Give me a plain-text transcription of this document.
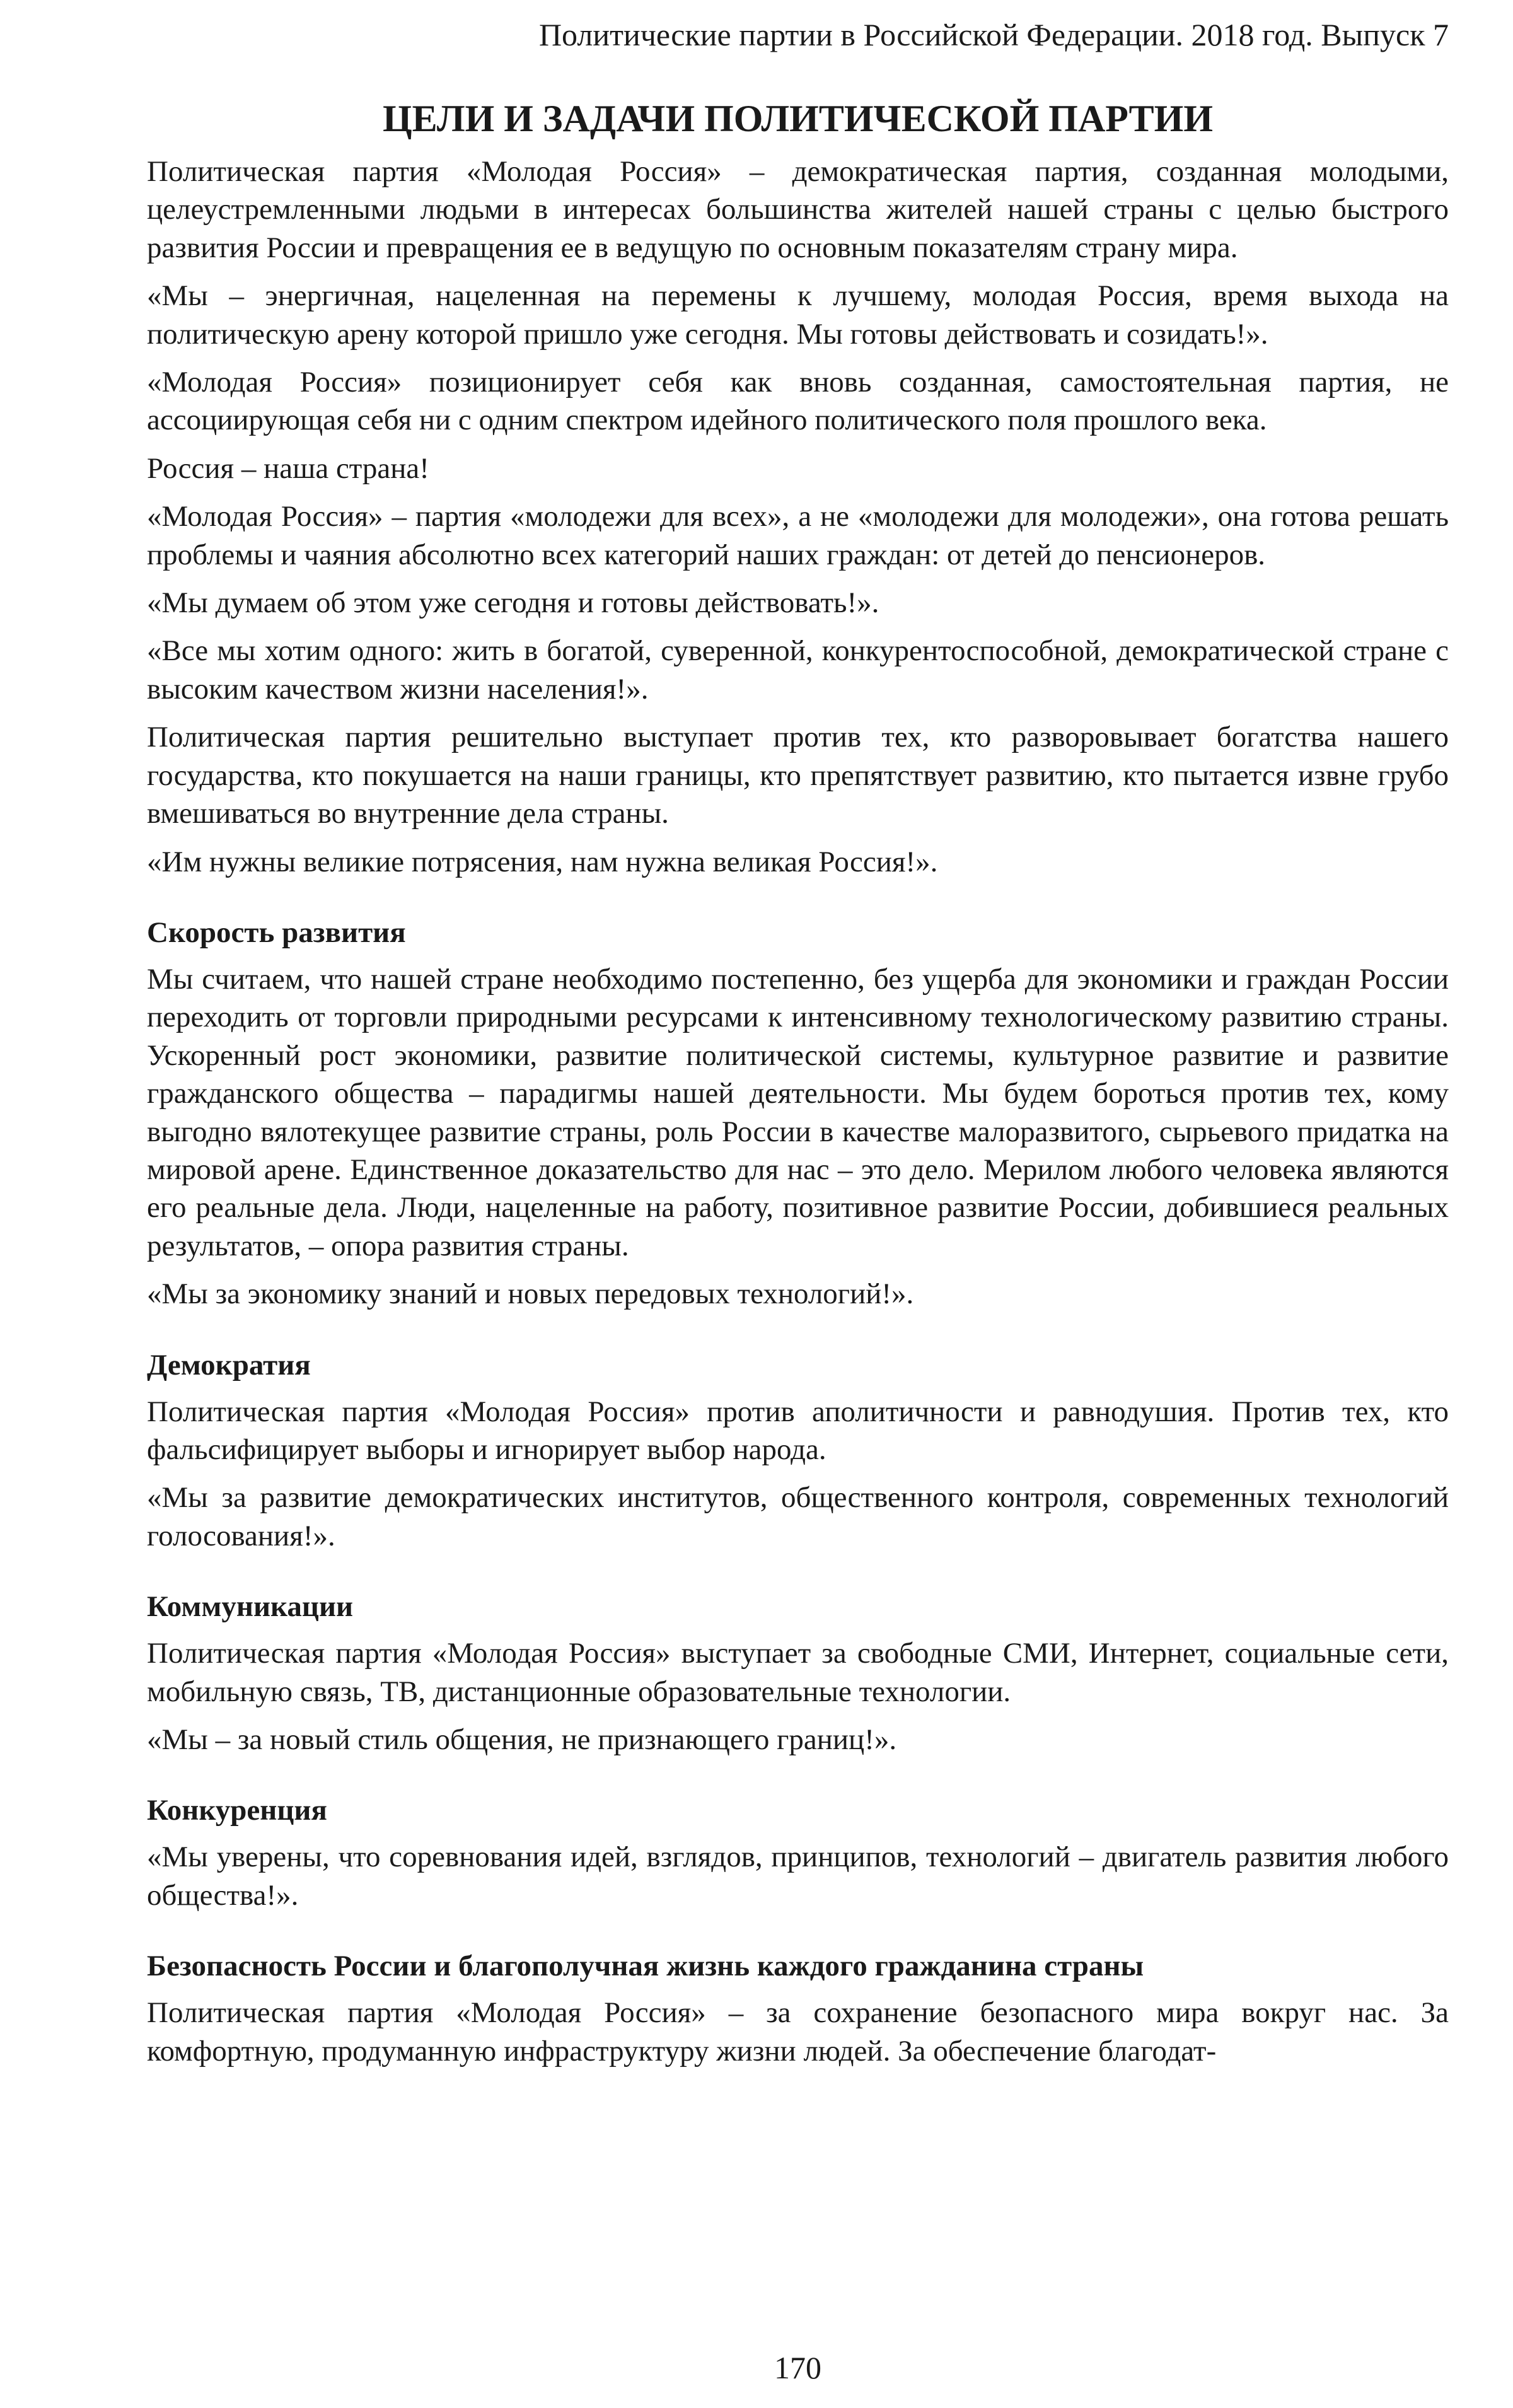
Политические партии в Российской Федерации. 2018 год. Выпуск 7
ЦЕЛИ И ЗАДАЧИ ПОЛИТИЧЕСКОЙ ПАРТИИ

Политическая партия «Молодая Россия» – демократическая партия, созданная молодыми, целеустремленными людьми в интересах большинства жителей нашей страны с целью быстрого развития России и превращения ее в ведущую по основным показателям страну мира.

«Мы – энергичная, нацеленная на перемены к лучшему, молодая Россия, время выхода на политическую арену которой пришло уже сегодня. Мы готовы действовать и созидать!».

«Молодая Россия» позиционирует себя как вновь созданная, самостоятельная партия, не ассоциирующая себя ни с одним спектром идейного политического поля прошлого века.

Россия – наша страна!

«Молодая Россия» – партия «молодежи для всех», а не «молодежи для молодежи», она готова решать проблемы и чаяния абсолютно всех категорий наших граждан: от детей до пенсионеров.

«Мы думаем об этом уже сегодня и готовы действовать!».

«Все мы хотим одного: жить в богатой, суверенной, конкурентоспособной, демократической стране с высоким качеством жизни населения!».

Политическая партия решительно выступает против тех, кто разворовывает богатства нашего государства, кто покушается на наши границы, кто препятствует развитию, кто пытается извне грубо вмешиваться во внутренние дела страны.

«Им нужны великие потрясения, нам нужна великая Россия!».

Скорость развития

Мы считаем, что нашей стране необходимо постепенно, без ущерба для экономики и граждан России переходить от торговли природными ресурсами к интенсивному технологическому развитию страны. Ускоренный рост экономики, развитие политической системы, культурное развитие и развитие гражданского общества – парадигмы нашей деятельности. Мы будем бороться против тех, кому выгодно вялотекущее развитие страны, роль России в качестве малоразвитого, сырьевого придатка на мировой арене. Единственное доказательство для нас – это дело. Мерилом любого человека являются его реальные дела. Люди, нацеленные на работу, позитивное развитие России, добившиеся реальных результатов, – опора развития страны.

«Мы за экономику знаний и новых передовых технологий!».

Демократия

Политическая партия «Молодая Россия» против аполитичности и равнодушия. Против тех, кто фальсифицирует выборы и игнорирует выбор народа.

«Мы за развитие демократических институтов, общественного контроля, современных технологий голосования!».

Коммуникации

Политическая партия «Молодая Россия» выступает за свободные СМИ, Интернет, социальные сети, мобильную связь, ТВ, дистанционные образовательные технологии.

«Мы – за новый стиль общения, не признающего границ!».

Конкуренция

«Мы уверены, что соревнования идей, взглядов, принципов, технологий – двигатель развития любого общества!».

Безопасность России и благополучная жизнь каждого гражданина страны

Политическая партия «Молодая Россия» – за сохранение безопасного мира вокруг нас. За комфортную, продуманную инфраструктуру жизни людей. За обеспечение благодат-

170
